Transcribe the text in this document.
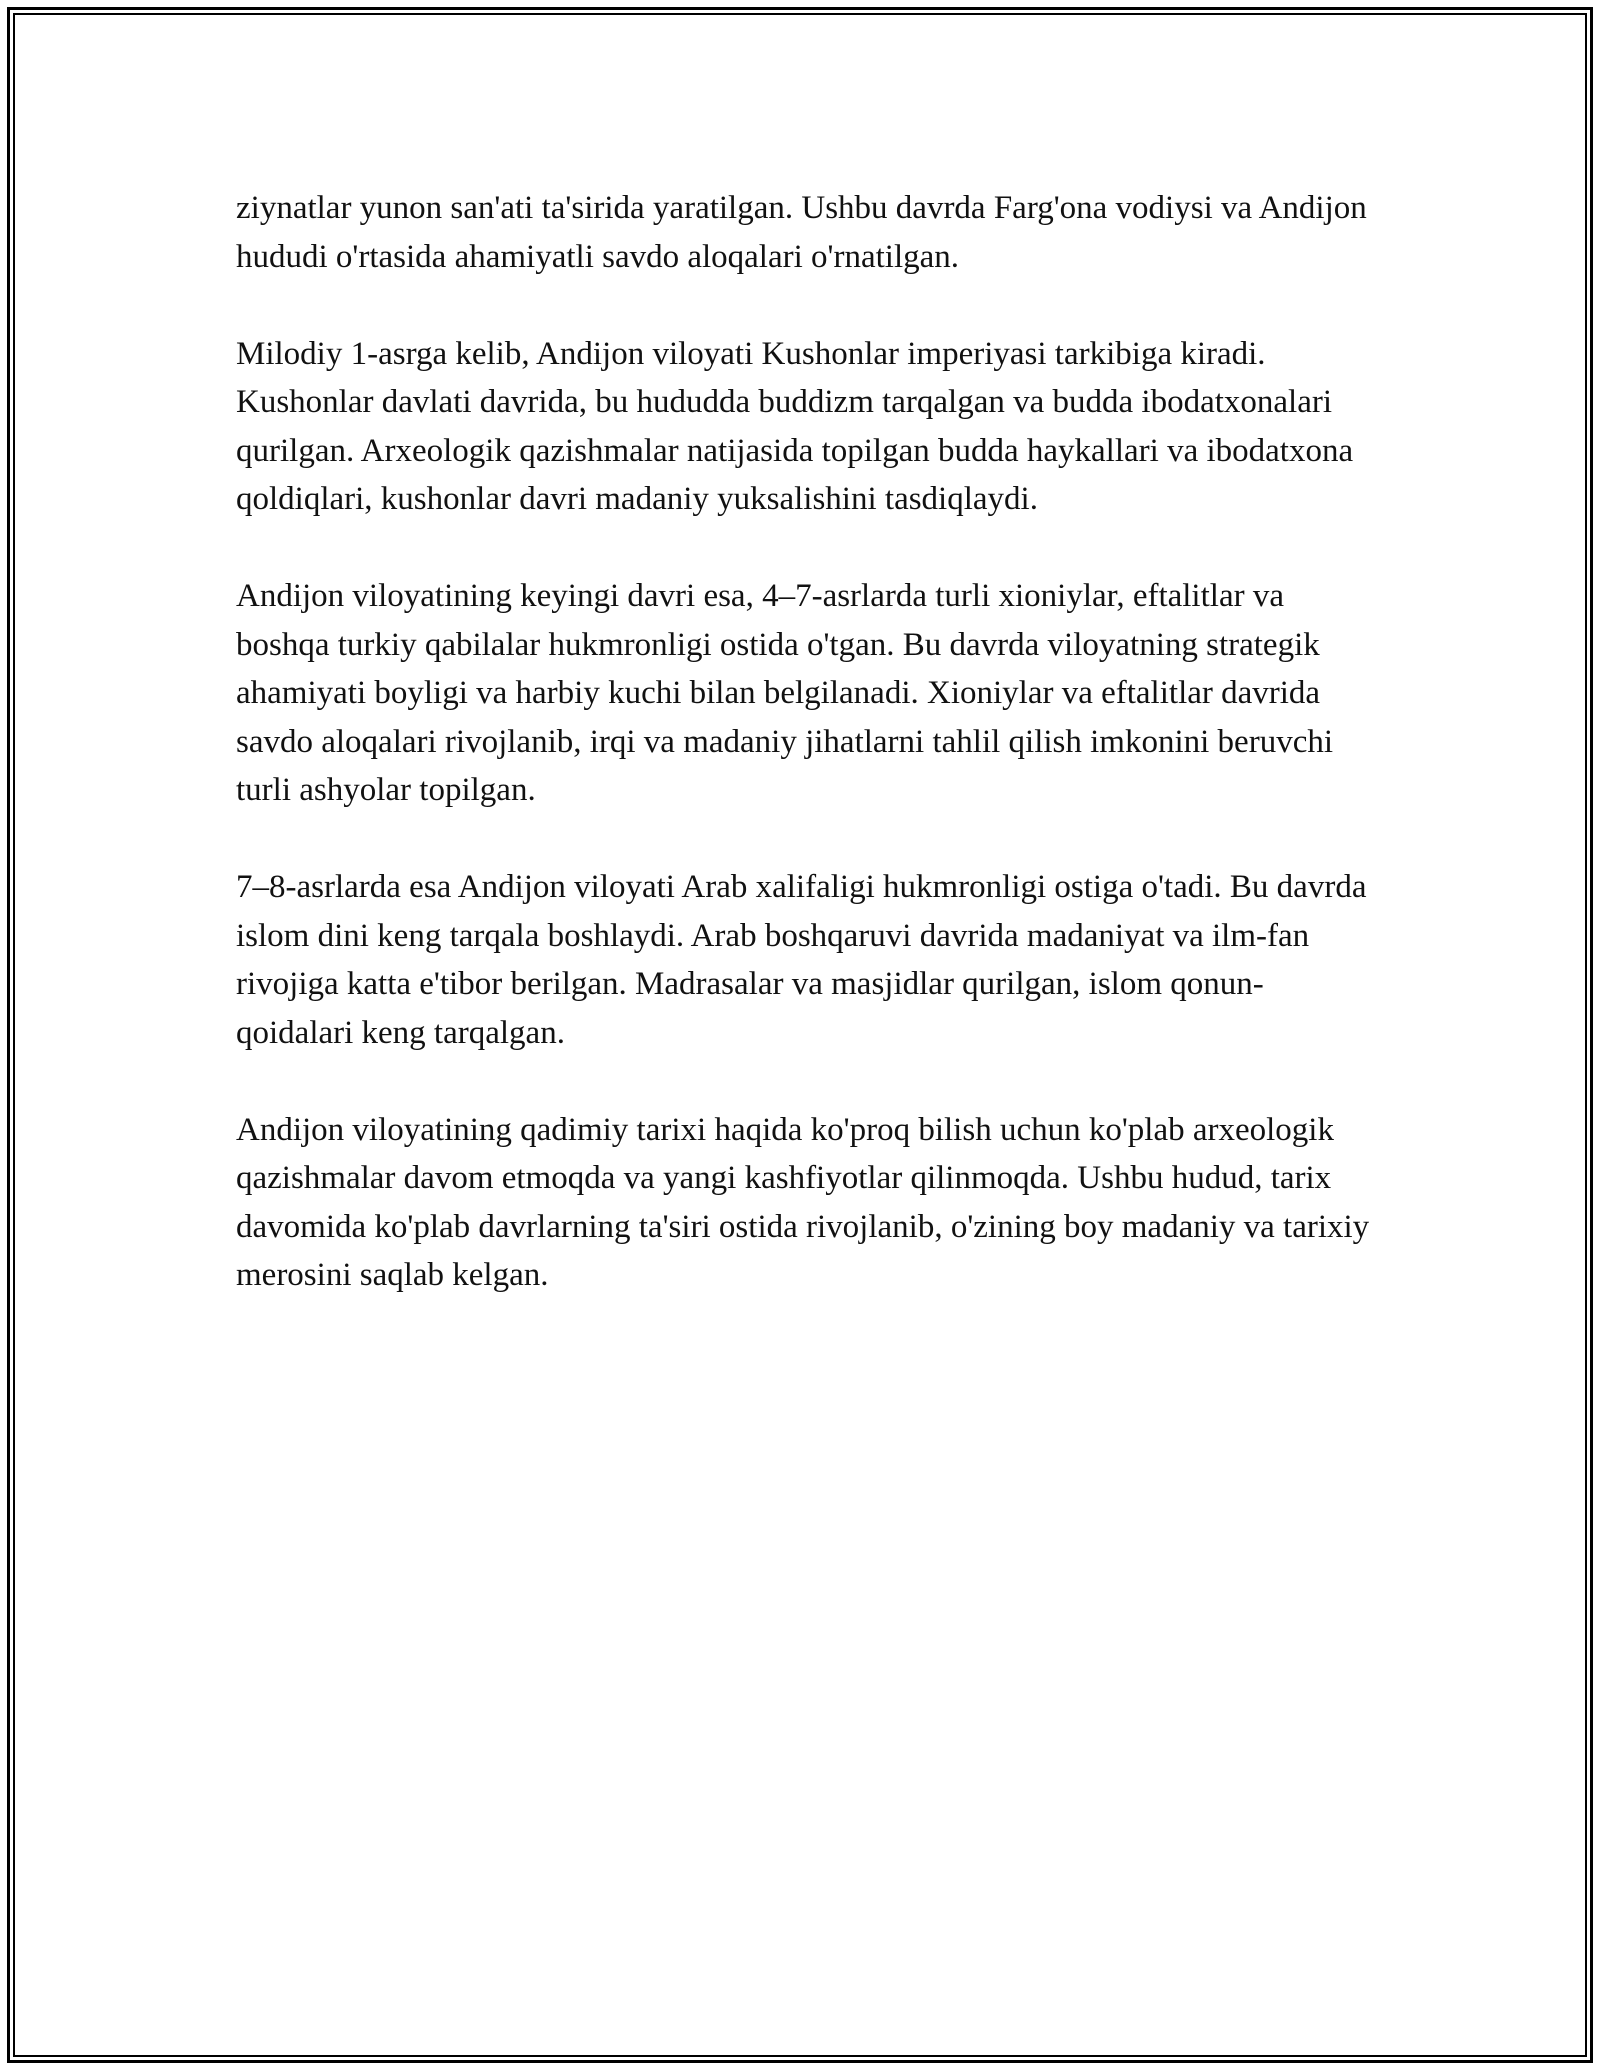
ziynatlar yunon san'ati ta'sirida yaratilgan. Ushbu davrda Farg'ona vodiysi va Andijon hududi o'rtasida ahamiyatli savdo aloqalari o'rnatilgan.

Milodiy 1-asrga kelib, Andijon viloyati Kushonlar imperiyasi tarkibiga kiradi. Kushonlar davlati davrida, bu hududda buddizm tarqalgan va budda ibodatxonalari qurilgan. Arxeologik qazishmalar natijasida topilgan budda haykallari va ibodatxona qoldiqlari, kushonlar davri madaniy yuksalishini tasdiqlaydi.

Andijon viloyatining keyingi davri esa, 4–7-asrlarda turli xioniylar, eftalitlar va boshqa turkiy qabilalar hukmronligi ostida o'tgan. Bu davrda viloyatning strategik ahamiyati boyligi va harbiy kuchi bilan belgilanadi. Xioniylar va eftalitlar davrida savdo aloqalari rivojlanib, irqi va madaniy jihatlarni tahlil qilish imkonini beruvchi turli ashyolar topilgan.

7–8-asrlarda esa Andijon viloyati Arab xalifaligi hukmronligi ostiga o'tadi. Bu davrda islom dini keng tarqala boshlaydi. Arab boshqaruvi davrida madaniyat va ilm-fan rivojiga katta e'tibor berilgan. Madrasalar va masjidlar qurilgan, islom qonun-qoidalari keng tarqalgan.

Andijon viloyatining qadimiy tarixi haqida ko'proq bilish uchun ko'plab arxeologik qazishmalar davom etmoqda va yangi kashfiyotlar qilinmoqda. Ushbu hudud, tarix davomida ko'plab davrlarning ta'siri ostida rivojlanib, o'zining boy madaniy va tarixiy merosini saqlab kelgan.
